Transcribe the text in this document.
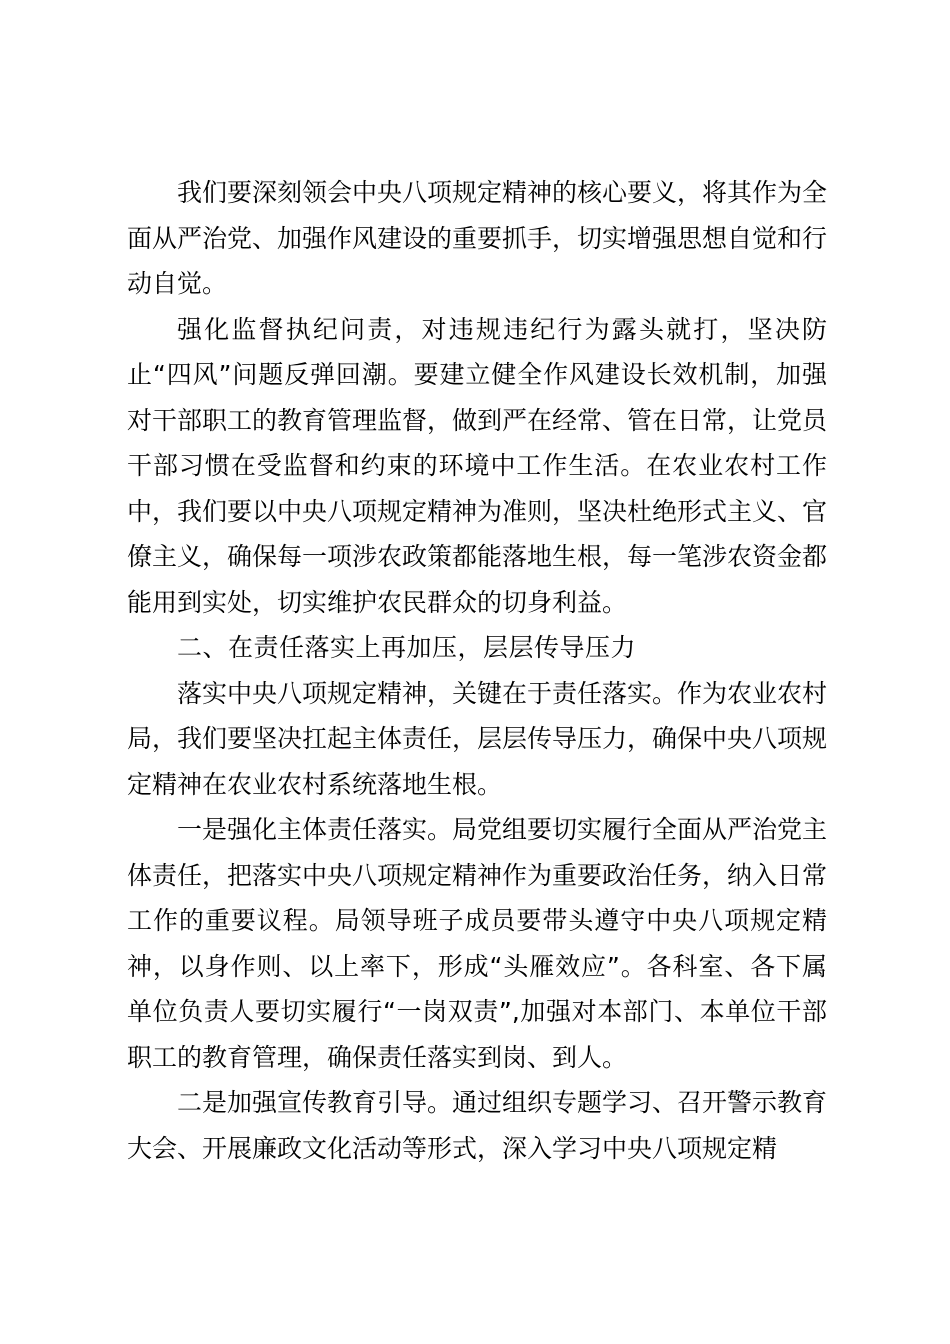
我们要深刻领会中央八项规定精神的核心要义，将其作为全面从严治党、加强作风建设的重要抓手，切实增强思想自觉和行动自觉。

强化监督执纪问责，对违规违纪行为露头就打，坚决防止“四风”问题反弹回潮。要建立健全作风建设长效机制，加强对干部职工的教育管理监督，做到严在经常、管在日常，让党员干部习惯在受监督和约束的环境中工作生活。在农业农村工作中，我们要以中央八项规定精神为准则，坚决杜绝形式主义、官僚主义，确保每一项涉农政策都能落地生根，每一笔涉农资金都能用到实处，切实维护农民群众的切身利益。

二、在责任落实上再加压，层层传导压力

落实中央八项规定精神，关键在于责任落实。作为农业农村局，我们要坚决扛起主体责任，层层传导压力，确保中央八项规定精神在农业农村系统落地生根。

一是强化主体责任落实。局党组要切实履行全面从严治党主体责任，把落实中央八项规定精神作为重要政治任务，纳入日常工作的重要议程。局领导班子成员要带头遵守中央八项规定精神，以身作则、以上率下，形成“头雁效应”。各科室、各下属单位负责人要切实履行“一岗双责”,加强对本部门、本单位干部职工的教育管理，确保责任落实到岗、到人。

二是加强宣传教育引导。通过组织专题学习、召开警示教育大会、开展廉政文化活动等形式，深入学习中央八项规定精
